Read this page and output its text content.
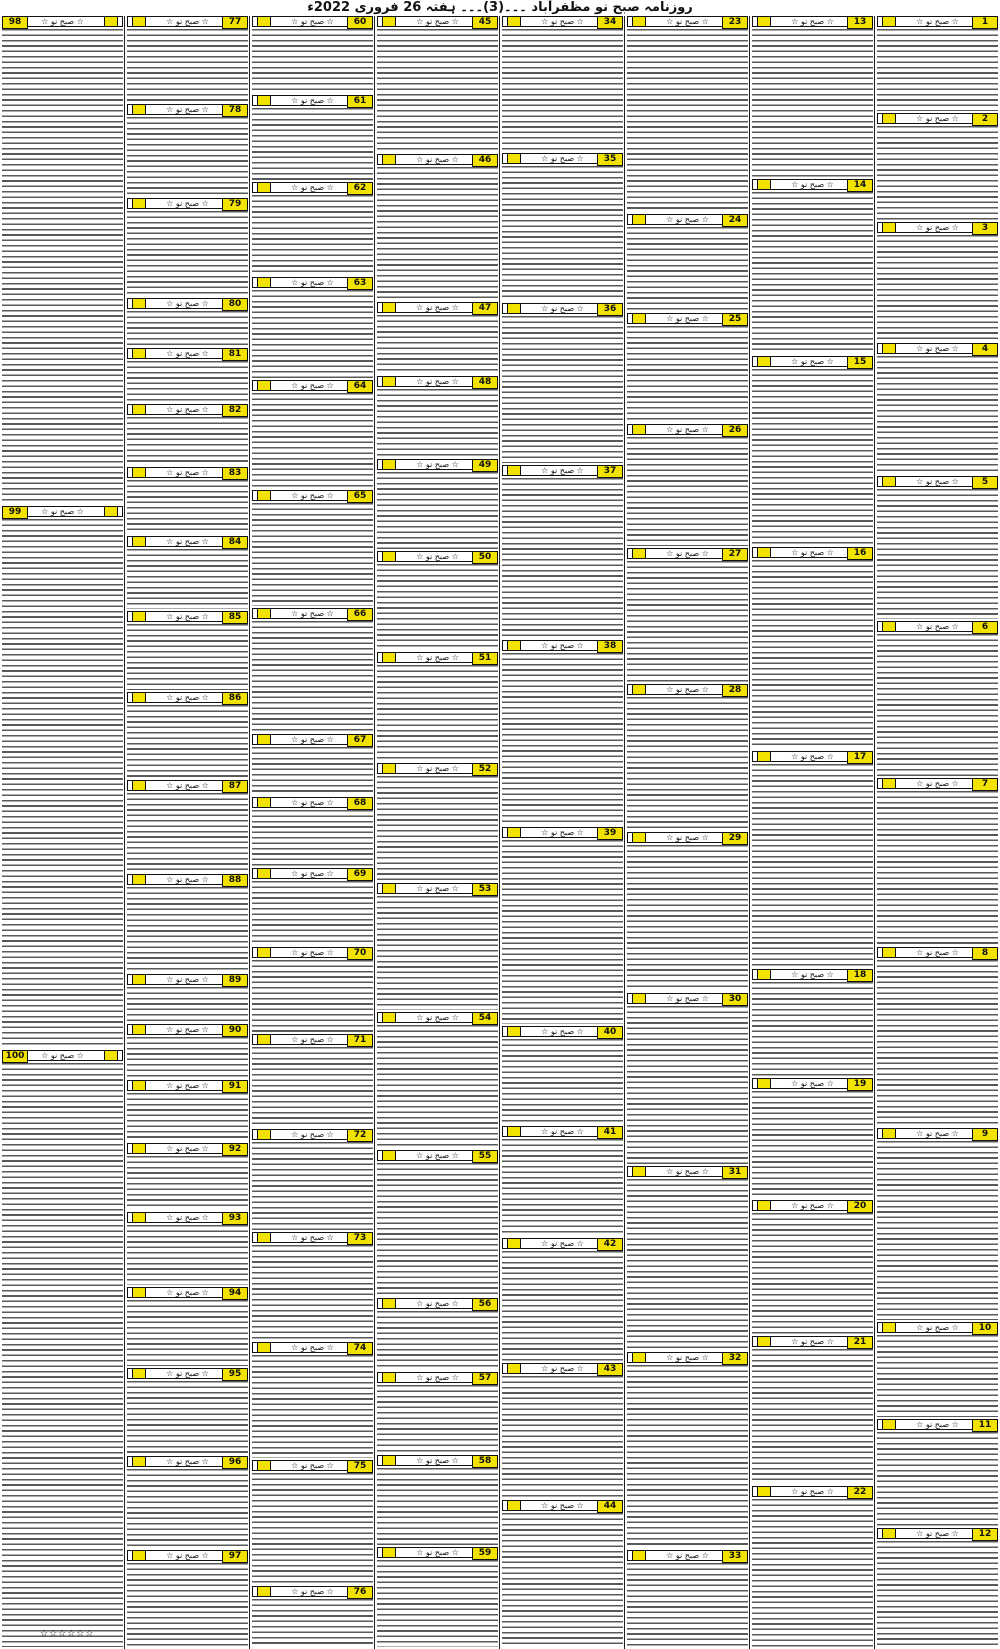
روزنامہ صبح نو مظفرآباد ۔۔۔(3)۔۔۔ ہفتہ 26 فروری 2022ء
1
☆ صبح نو ☆
2
☆ صبح نو ☆
3
☆ صبح نو ☆
4
☆ صبح نو ☆
5
☆ صبح نو ☆
6
☆ صبح نو ☆
7
☆ صبح نو ☆
8
☆ صبح نو ☆
9
☆ صبح نو ☆
10
☆ صبح نو ☆
11
☆ صبح نو ☆
12
☆ صبح نو ☆
13
☆ صبح نو ☆
14
☆ صبح نو ☆
15
☆ صبح نو ☆
16
☆ صبح نو ☆
17
☆ صبح نو ☆
18
☆ صبح نو ☆
19
☆ صبح نو ☆
20
☆ صبح نو ☆
21
☆ صبح نو ☆
22
☆ صبح نو ☆
23
☆ صبح نو ☆
24
☆ صبح نو ☆
25
☆ صبح نو ☆
26
☆ صبح نو ☆
27
☆ صبح نو ☆
28
☆ صبح نو ☆
29
☆ صبح نو ☆
30
☆ صبح نو ☆
31
☆ صبح نو ☆
32
☆ صبح نو ☆
33
☆ صبح نو ☆
34
☆ صبح نو ☆
35
☆ صبح نو ☆
36
☆ صبح نو ☆
37
☆ صبح نو ☆
38
☆ صبح نو ☆
39
☆ صبح نو ☆
40
☆ صبح نو ☆
41
☆ صبح نو ☆
42
☆ صبح نو ☆
43
☆ صبح نو ☆
44
☆ صبح نو ☆
45
☆ صبح نو ☆
46
☆ صبح نو ☆
47
☆ صبح نو ☆
48
☆ صبح نو ☆
49
☆ صبح نو ☆
50
☆ صبح نو ☆
51
☆ صبح نو ☆
52
☆ صبح نو ☆
53
☆ صبح نو ☆
54
☆ صبح نو ☆
55
☆ صبح نو ☆
56
☆ صبح نو ☆
57
☆ صبح نو ☆
58
☆ صبح نو ☆
59
☆ صبح نو ☆
60
☆ صبح نو ☆
61
☆ صبح نو ☆
62
☆ صبح نو ☆
63
☆ صبح نو ☆
64
☆ صبح نو ☆
65
☆ صبح نو ☆
66
☆ صبح نو ☆
67
☆ صبح نو ☆
68
☆ صبح نو ☆
69
☆ صبح نو ☆
70
☆ صبح نو ☆
71
☆ صبح نو ☆
72
☆ صبح نو ☆
73
☆ صبح نو ☆
74
☆ صبح نو ☆
75
☆ صبح نو ☆
76
☆ صبح نو ☆
77
☆ صبح نو ☆
78
☆ صبح نو ☆
79
☆ صبح نو ☆
80
☆ صبح نو ☆
81
☆ صبح نو ☆
82
☆ صبح نو ☆
83
☆ صبح نو ☆
84
☆ صبح نو ☆
85
☆ صبح نو ☆
86
☆ صبح نو ☆
87
☆ صبح نو ☆
88
☆ صبح نو ☆
89
☆ صبح نو ☆
90
☆ صبح نو ☆
91
☆ صبح نو ☆
92
☆ صبح نو ☆
93
☆ صبح نو ☆
94
☆ صبح نو ☆
95
☆ صبح نو ☆
96
☆ صبح نو ☆
97
☆ صبح نو ☆
98	☆ صبح نو ☆
99	☆ صبح نو ☆
100	☆ صبح نو ☆
☆☆☆☆☆☆
